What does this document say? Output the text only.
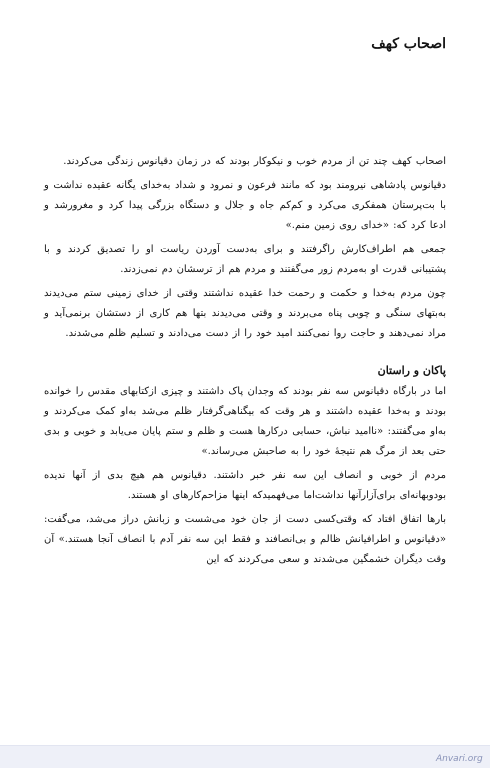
اصحاب کهف

اصحاب کهف چند تن از مردم خوب و نیکوکار بودند که در زمان دقیانوس زندگی می‌کردند.

دقیانوس پادشاهی نیرومند بود که مانند فرعون و نمرود و شداد به‌خدای یگانه عقیده نداشت و با بت‌پرستان همفکری می‌کرد و کم‌کم جاه و جلال و دستگاه بزرگی پیدا کرد و مغرورشد و ادعا کرد که: «خدای روی زمین منم.»

جمعی هم اطراف‌کارش راگرفتند و برای به‌دست آوردن ریاست او را تصدیق کردند و با پشتیبانی قدرت او به‌مردم زور می‌گفتند و مردم هم از ترسشان دم نمی‌زدند.

چون مردم به‌خدا و حکمت و رحمت خدا عقیده نداشتند وقتی از خدای زمینی ستم می‌دیدند به‌بتهای سنگی و چوبی پناه می‌بردند و وقتی می‌دیدند بتها هم کاری از دستشان برنمی‌آید و مراد نمی‌دهند و حاجت روا نمی‌کنند امید خود را از دست می‌دادند و تسلیم ظلم می‌شدند.

پاکان و راستان

اما در بارگاه دقیانوس سه نفر بودند که وجدان پاک داشتند و چیزی ازکتابهای مقدس را خوانده بودند و به‌خدا عقیده داشتند و هر وقت که بیگناهی‌گرفتار ظلم می‌شد به‌او کمک می‌کردند و به‌او می‌گفتند: «نا‌امید نباش، حسابی درکارها هست و ظلم و ستم پایان می‌یابد و خوبی و بدی حتی بعد از مرگ هم نتیجهٔ خود را به‌ صاحبش می‌رساند.»

مردم از خوبی و انصاف این سه نفر خبر داشتند. دقیانوس هم هیچ بدی از آنها ندیده بودوبهانه‌ای برای‌آزارآنها نداشت‌اما می‌فهمیدکه اینها مزاحم‌کارهای او هستند.

بارها اتفاق افتاد که وقتی‌کسی دست از جان خود می‌شست و زبانش دراز می‌شد، می‌گفت: «دقیانوس و اطرافیانش ظالم و بی‌انصافند و فقط این سه نفر آدم با انصاف آنجا هستند.» آن وقت دیگران خشمگین می‌شدند و سعی می‌کردند که این

Anvari.org
